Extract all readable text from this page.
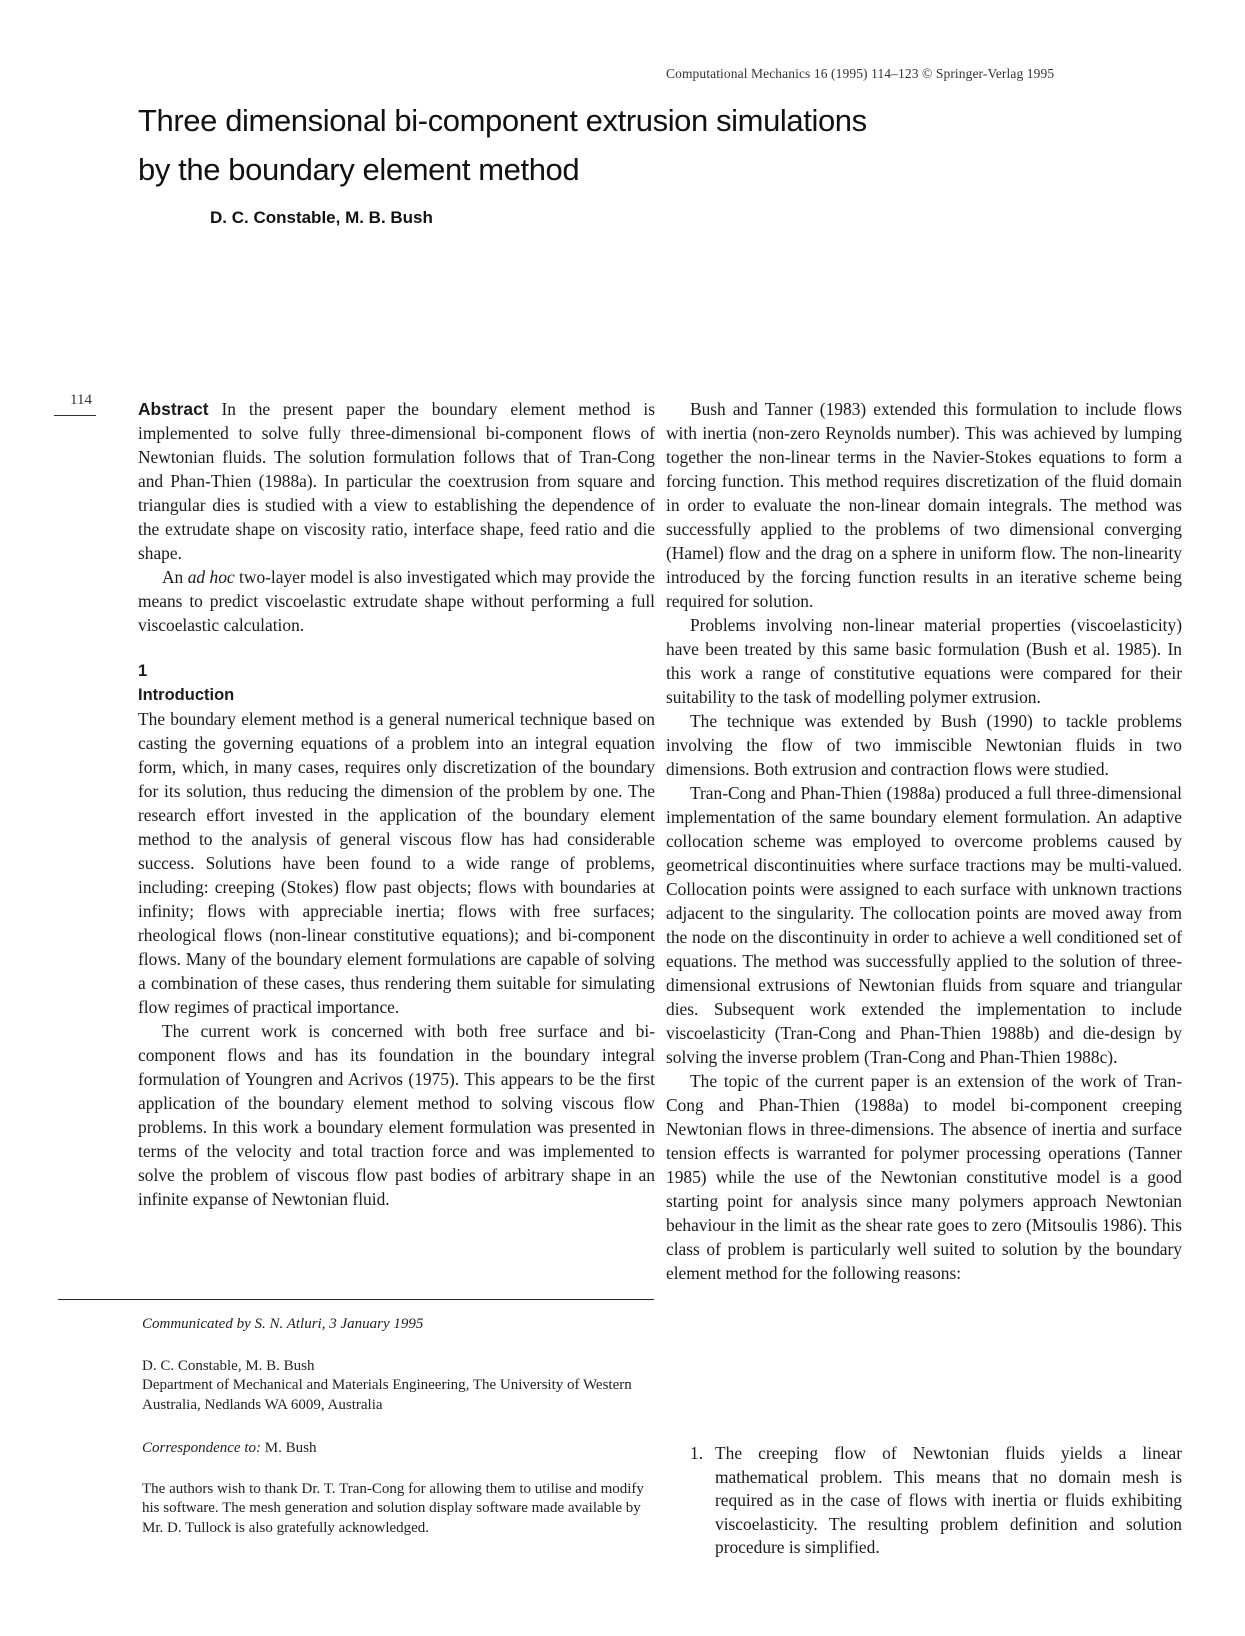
Computational Mechanics 16 (1995) 114–123 © Springer-Verlag 1995
Three dimensional bi-component extrusion simulations
by the boundary element method
D. C. Constable, M. B. Bush
114	Abstract In the present paper the boundary element method is implemented to solve fully three-dimensional bi-component flows of Newtonian fluids. The solution formulation follows that of Tran-Cong and Phan-Thien (1988a). In particular the coextrusion from square and triangular dies is studied with a view to establishing the dependence of the extrudate shape on viscosity ratio, interface shape, feed ratio and die shape.

An ad hoc two-layer model is also investigated which may provide the means to predict viscoelastic extrudate shape without performing a full viscoelastic calculation.

1

Introduction

The boundary element method is a general numerical technique based on casting the governing equations of a problem into an integral equation form, which, in many cases, requires only discretization of the boundary for its solution, thus reducing the dimension of the problem by one. The research effort invested in the application of the boundary element method to the analysis of general viscous flow has had considerable success. Solutions have been found to a wide range of problems, including: creeping (Stokes) flow past objects; flows with boundaries at infinity; flows with appreciable inertia; flows with free surfaces; rheological flows (non-linear constitutive equations); and bi-component flows. Many of the boundary element formulations are capable of solving a combination of these cases, thus rendering them suitable for simulating flow regimes of practical importance.

The current work is concerned with both free surface and bi-component flows and has its foundation in the boundary integral formulation of Youngren and Acrivos (1975). This appears to be the first application of the boundary element method to solving viscous flow problems. In this work a boundary element formulation was presented in terms of the velocity and total traction force and was implemented to solve the problem of viscous flow past bodies of arbitrary shape in an infinite expanse of Newtonian fluid.

Communicated by S. N. Atluri, 3 January 1995

D. C. Constable, M. B. Bush

Department of Mechanical and Materials Engineering, The University of Western Australia, Nedlands WA 6009, Australia

Correspondence to: M. Bush

The authors wish to thank Dr. T. Tran-Cong for allowing them to utilise and modify his software. The mesh generation and solution display software made available by Mr. D. Tullock is also gratefully acknowledged.

Bush and Tanner (1983) extended this formulation to include flows with inertia (non-zero Reynolds number). This was achieved by lumping together the non-linear terms in the Navier-Stokes equations to form a forcing function. This method requires discretization of the fluid domain in order to evaluate the non-linear domain integrals. The method was successfully applied to the problems of two dimensional converging (Hamel) flow and the drag on a sphere in uniform flow. The non-linearity introduced by the forcing function results in an iterative scheme being required for solution.

Problems involving non-linear material properties (viscoelasticity) have been treated by this same basic formulation (Bush et al. 1985). In this work a range of constitutive equations were compared for their suitability to the task of modelling polymer extrusion.

The technique was extended by Bush (1990) to tackle problems involving the flow of two immiscible Newtonian fluids in two dimensions. Both extrusion and contraction flows were studied.

Tran-Cong and Phan-Thien (1988a) produced a full three-dimensional implementation of the same boundary element formulation. An adaptive collocation scheme was employed to overcome problems caused by geometrical discontinuities where surface tractions may be multi-valued. Collocation points were assigned to each surface with unknown tractions adjacent to the singularity. The collocation points are moved away from the node on the discontinuity in order to achieve a well conditioned set of equations. The method was successfully applied to the solution of three-dimensional extrusions of Newtonian fluids from square and triangular dies. Subsequent work extended the implementation to include viscoelasticity (Tran-Cong and Phan-Thien 1988b) and die-design by solving the inverse problem (Tran-Cong and Phan-Thien 1988c).

The topic of the current paper is an extension of the work of Tran-Cong and Phan-Thien (1988a) to model bi-component creeping Newtonian flows in three-dimensions. The absence of inertia and surface tension effects is warranted for polymer processing operations (Tanner 1985) while the use of the Newtonian constitutive model is a good starting point for analysis since many polymers approach Newtonian behaviour in the limit as the shear rate goes to zero (Mitsoulis 1986). This class of problem is particularly well suited to solution by the boundary element method for the following reasons:

1. The creeping flow of Newtonian fluids yields a linear mathematical problem. This means that no domain mesh is required as in the case of flows with inertia or fluids exhibiting viscoelasticity. The resulting problem definition and solution procedure is simplified.
